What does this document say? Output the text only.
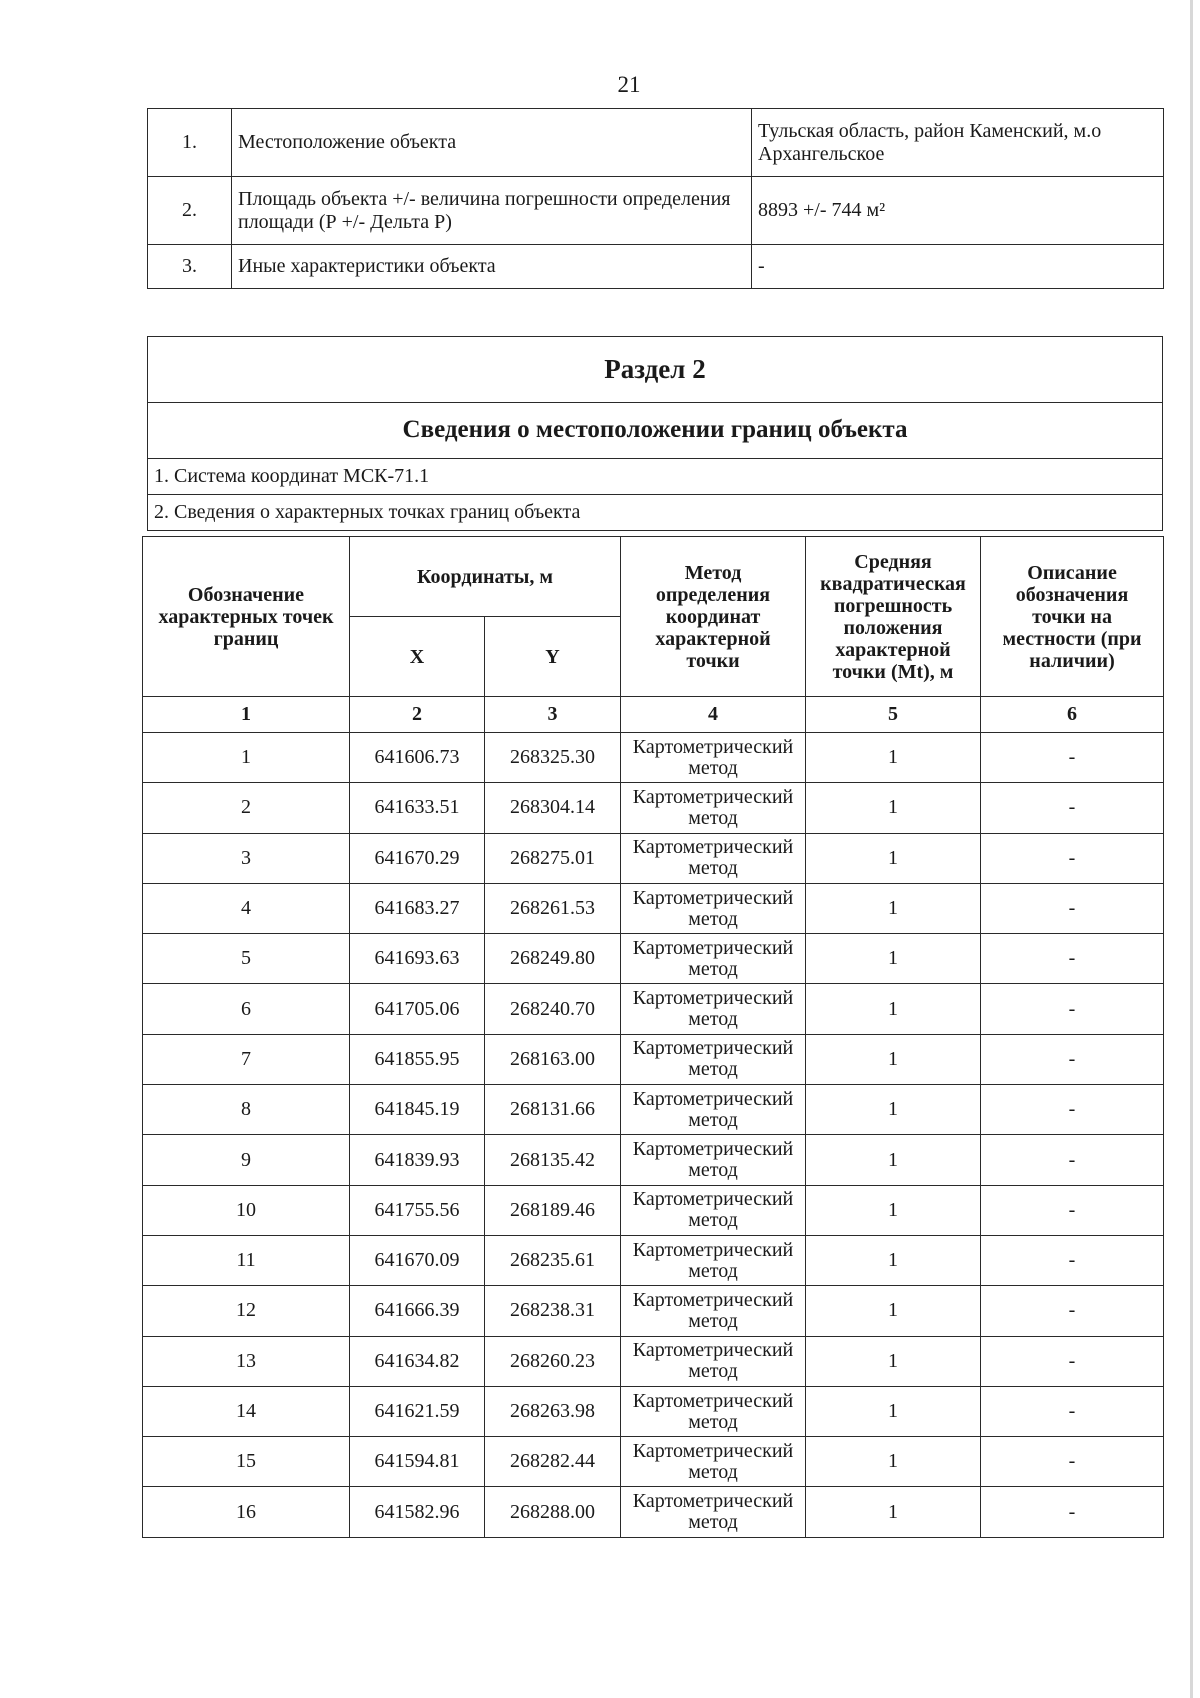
21
1.	Местоположение объекта	Тульская область, район Каменский, м.о Архангельское
2.	Площадь объекта +/- величина погрешности определения площади (Р +/- Дельта Р)	8893 +/- 744 м²
3.	Иные характеристики объекта	-
Раздел 2
Сведения о местоположении границ объекта
1. Система координат МСК-71.1
2. Сведения о характерных точках границ объекта
Обозначение характерных точек границ	Координаты, м		Метод определения координат характерной точки	Средняя квадратическая погрешность положения характерной точки (Mt), м	Описание обозначения точки на местности (при наличии)
	X	Y			
1	2	3	4	5	6
1	641606.73	268325.30	Картометрический метод	1	-
2	641633.51	268304.14	Картометрический метод	1	-
3	641670.29	268275.01	Картометрический метод	1	-
4	641683.27	268261.53	Картометрический метод	1	-
5	641693.63	268249.80	Картометрический метод	1	-
6	641705.06	268240.70	Картометрический метод	1	-
7	641855.95	268163.00	Картометрический метод	1	-
8	641845.19	268131.66	Картометрический метод	1	-
9	641839.93	268135.42	Картометрический метод	1	-
10	641755.56	268189.46	Картометрический метод	1	-
11	641670.09	268235.61	Картометрический метод	1	-
12	641666.39	268238.31	Картометрический метод	1	-
13	641634.82	268260.23	Картометрический метод	1	-
14	641621.59	268263.98	Картометрический метод	1	-
15	641594.81	268282.44	Картометрический метод	1	-
16	641582.96	268288.00	Картометрический метод	1	-
